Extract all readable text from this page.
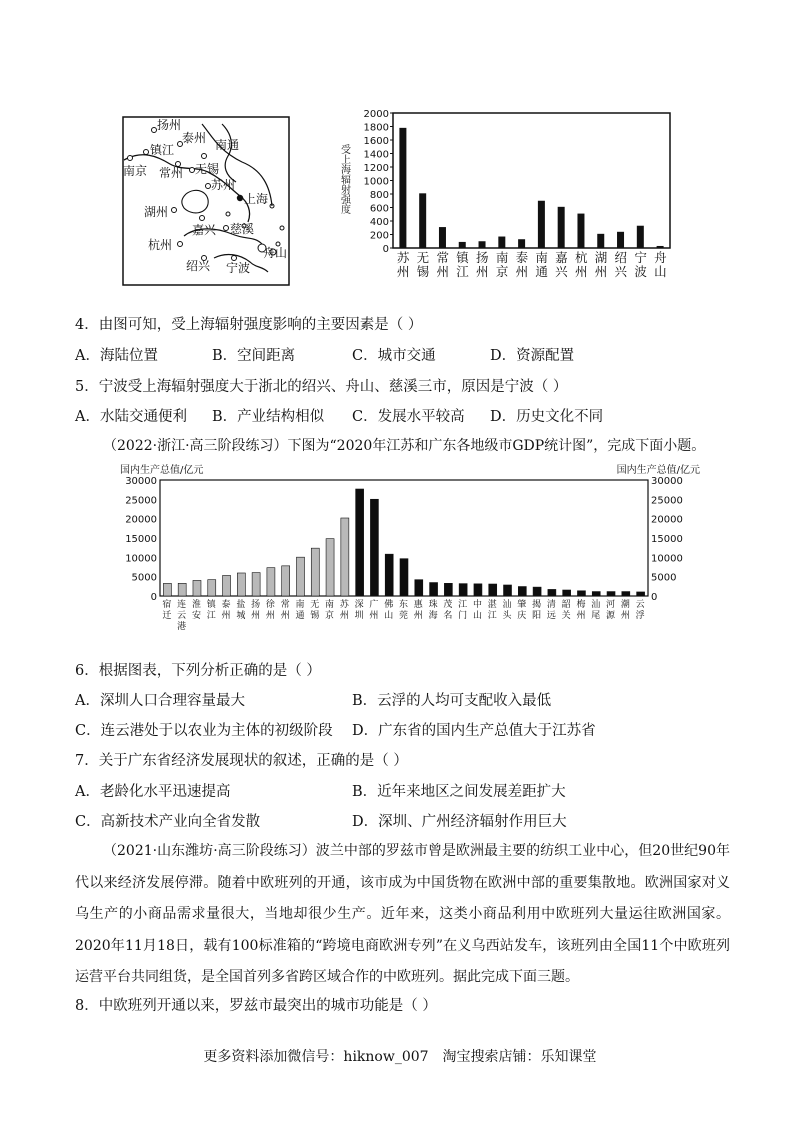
扬州
泰州 南通
镇江
南京 常州 无锡
苏州
上海
湖州
嘉兴 慈溪
杭州
舟山
绍兴 宁波
受上海辐射强度
0
200
400
600
800
1000
1200
1400
1600
1800
2000
苏州
无锡
常州
镇江
扬州
南京
泰州
南通
嘉兴
杭州
湖州
绍兴
宁波
舟山
4．由图可知，受上海辐射强度影响的主要因素是（ ）
A．海陆位置	B．空间距离	C．城市交通	D．资源配置
5．宁波受上海辐射强度大于浙北的绍兴、舟山、慈溪三市，原因是宁波（ ）
A．水陆交通便利 B．产业结构相似 C．发展水平较高 D．历史文化不同
（2022·浙江·高三阶段练习）下图为“2020年江苏和广东各地级市GDP统计图”，完成下面小题。
国内生产总值/亿元	国内生产总值/亿元
0	0
5000	5000
10000	10000
15000	15000
20000	20000
25000	25000
30000	30000
宿迁
连云港
淮安
镇江
泰州
盐城
扬州
徐州
常州
南通
无锡
南京
苏州
深圳
广州
佛山
东莞
惠州
珠海
茂名
江门
中山
湛江
汕头
肇庆
揭阳
清远
韶关
梅州
汕尾
河源
潮州
云浮
6．根据图表，下列分析正确的是（ ）
A．深圳人口合理容量最大	B．云浮的人均可支配收入最低
C．连云港处于以农业为主体的初级阶段 D．广东省的国内生产总值大于江苏省
7．关于广东省经济发展现状的叙述，正确的是（ ）
A．老龄化水平迅速提高	B．近年来地区之间发展差距扩大
C．高新技术产业向全省发散	D．深圳、广州经济辐射作用巨大
（2021·山东潍坊·高三阶段练习）波兰中部的罗兹市曾是欧洲最主要的纺织工业中心，但20世纪90年代以来经济发展停滞。随着中欧班列的开通，该市成为中国货物在欧洲中部的重要集散地。欧洲国家对义乌生产的小商品需求量很大，当地却很少生产。近年来，这类小商品利用中欧班列大量运往欧洲国家。2020年11月18日，载有100标准箱的“跨境电商欧洲专列”在义乌西站发车，该班列由全国11个中欧班列运营平台共同组货，是全国首列多省跨区域合作的中欧班列。据此完成下面三题。
8．中欧班列开通以来，罗兹市最突出的城市功能是（ ）
更多资料添加微信号：hiknow_007　淘宝搜索店铺：乐知课堂
